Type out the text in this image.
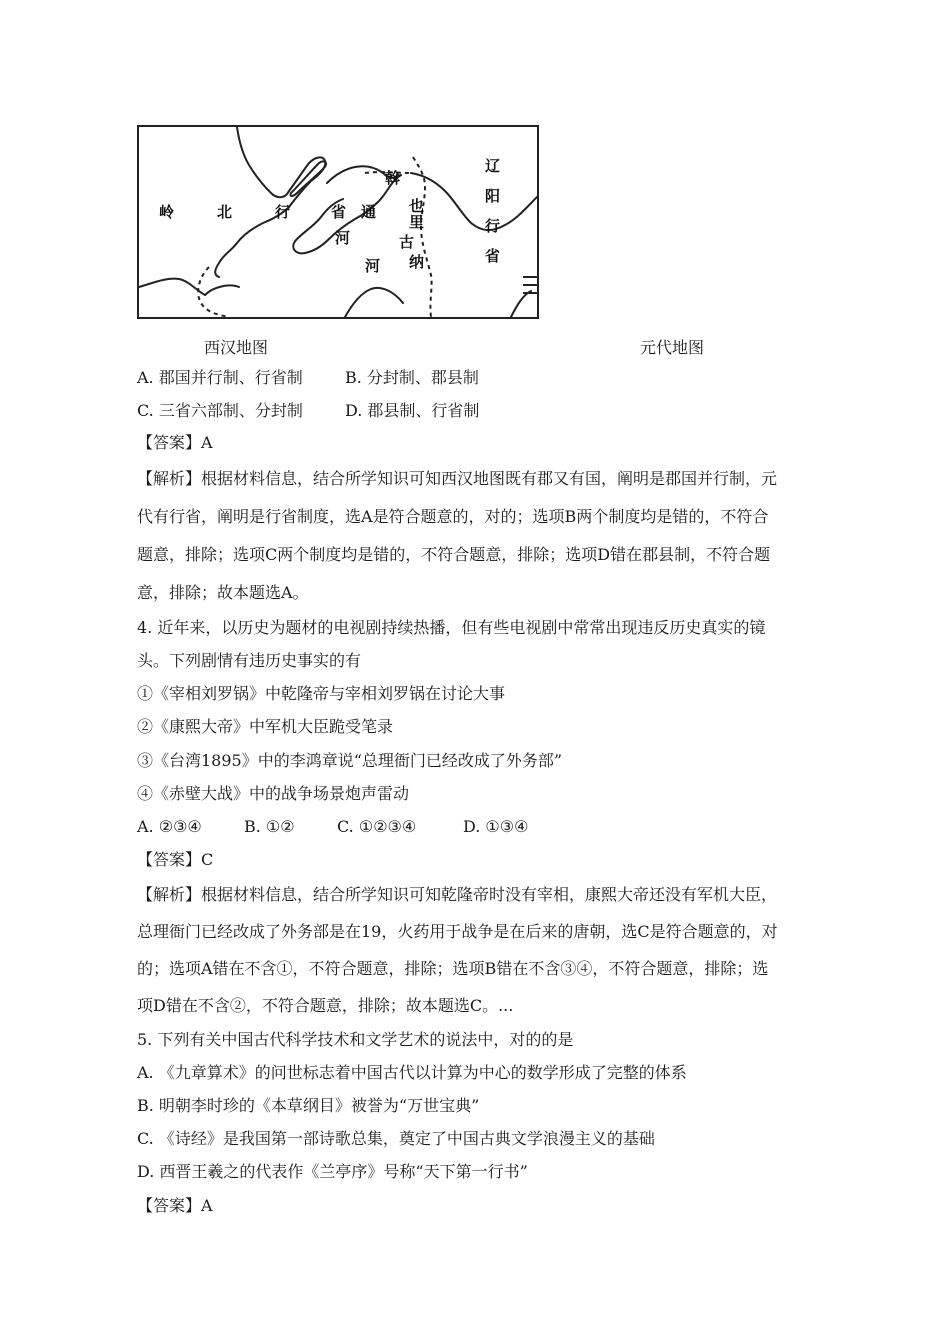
岭	北	行	省 通
河
斡
也
里
古
河 纳
辽
阳
行
省
西汉地图	元代地图
A. 郡国并行制、行省制	B. 分封制、郡县制
C. 三省六部制、分封制	D. 郡县制、行省制
【答案】A
【解析】根据材料信息，结合所学知识可知西汉地图既有郡又有国，阐明是郡国并行制，元
代有行省，阐明是行省制度，选A是符合题意的，对的；选项B两个制度均是错的，不符合
题意，排除；选项C两个制度均是错的，不符合题意，排除；选项D错在郡县制，不符合题
意，排除；故本题选A。
4. 近年来，以历史为题材的电视剧持续热播，但有些电视剧中常常出现违反历史真实的镜
头。下列剧情有违历史事实的有
①《宰相刘罗锅》中乾隆帝与宰相刘罗锅在讨论大事
②《康熙大帝》中军机大臣跪受笔录
③《台湾1895》中的李鸿章说“总理衙门已经改成了外务部”
④《赤壁大战》中的战争场景炮声雷动
A. ②③④	B. ①②	C. ①②③④	D. ①③④
【答案】C
【解析】根据材料信息，结合所学知识可知乾隆帝时没有宰相，康熙大帝还没有军机大臣，
总理衙门已经改成了外务部是在19，火药用于战争是在后来的唐朝，选C是符合题意的，对
的；选项A错在不含①，不符合题意，排除；选项B错在不含③④，不符合题意，排除；选
项D错在不含②，不符合题意，排除；故本题选C。...
5. 下列有关中国古代科学技术和文学艺术的说法中，对的的是
A. 《九章算术》的问世标志着中国古代以计算为中心的数学形成了完整的体系
B. 明朝李时珍的《本草纲目》被誉为“万世宝典”
C. 《诗经》是我国第一部诗歌总集，奠定了中国古典文学浪漫主义的基础
D. 西晋王羲之的代表作《兰亭序》号称“天下第一行书”
【答案】A
